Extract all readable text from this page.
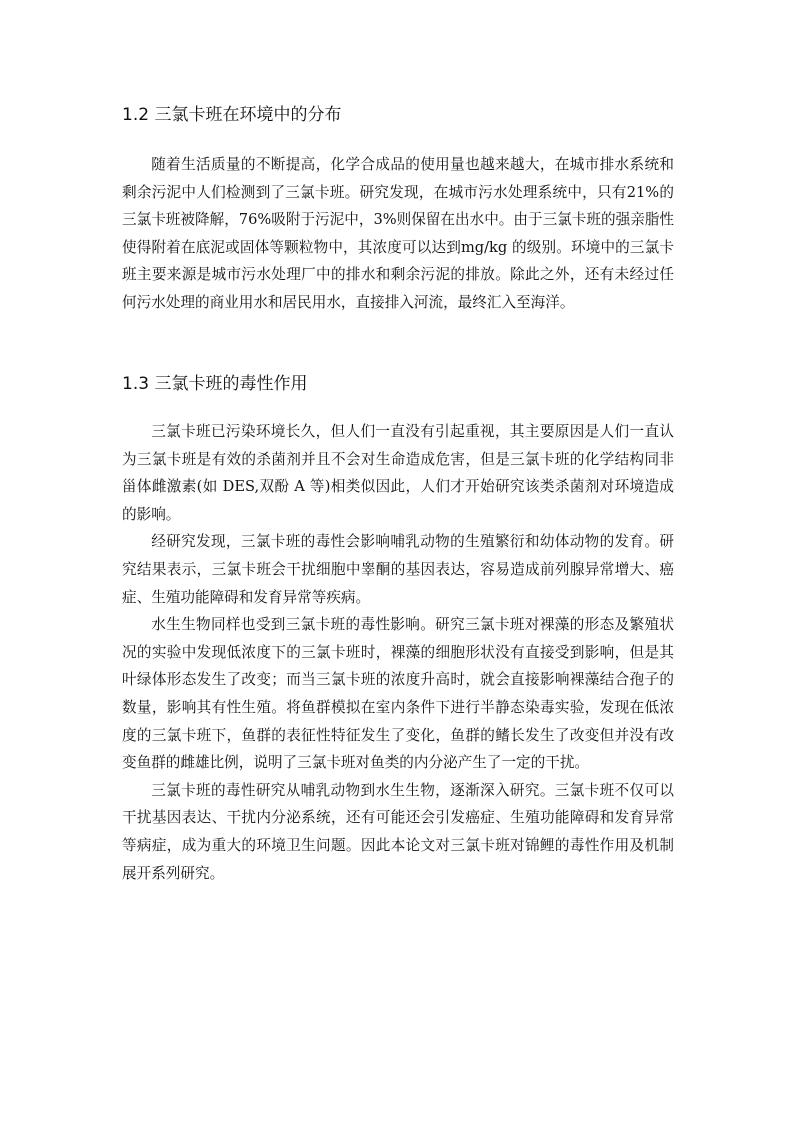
1.2 三氯卡班在环境中的分布

随着生活质量的不断提高，化学合成品的使用量也越来越大，在城市排水系统和剩余污泥中人们检测到了三氯卡班。研究发现，在城市污水处理系统中，只有21%的三氯卡班被降解，76%吸附于污泥中，3%则保留在出水中。由于三氯卡班的强亲脂性使得附着在底泥或固体等颗粒物中，其浓度可以达到mg/kg 的级别。环境中的三氯卡班主要来源是城市污水处理厂中的排水和剩余污泥的排放。除此之外，还有未经过任何污水处理的商业用水和居民用水，直接排入河流，最终汇入至海洋。

1.3 三氯卡班的毒性作用

三氯卡班已污染环境长久，但人们一直没有引起重视，其主要原因是人们一直认为三氯卡班是有效的杀菌剂并且不会对生命造成危害，但是三氯卡班的化学结构同非甾体雌激素(如 DES,双酚 A 等)相类似因此，人们才开始研究该类杀菌剂对环境造成的影响。

经研究发现，三氯卡班的毒性会影响哺乳动物的生殖繁衍和幼体动物的发育。研究结果表示，三氯卡班会干扰细胞中睾酮的基因表达，容易造成前列腺异常增大、癌症、生殖功能障碍和发育异常等疾病。

水生生物同样也受到三氯卡班的毒性影响。研究三氯卡班对裸藻的形态及繁殖状况的实验中发现低浓度下的三氯卡班时，裸藻的细胞形状没有直接受到影响，但是其叶绿体形态发生了改变；而当三氯卡班的浓度升高时，就会直接影响裸藻结合孢子的数量，影响其有性生殖。将鱼群模拟在室内条件下进行半静态染毒实验，发现在低浓度的三氯卡班下，鱼群的表征性特征发生了变化，鱼群的鳍长发生了改变但并没有改变鱼群的雌雄比例，说明了三氯卡班对鱼类的内分泌产生了一定的干扰。

三氯卡班的毒性研究从哺乳动物到水生生物，逐渐深入研究。三氯卡班不仅可以干扰基因表达、干扰内分泌系统，还有可能还会引发癌症、生殖功能障碍和发育异常等病症，成为重大的环境卫生问题。因此本论文对三氯卡班对锦鲤的毒性作用及机制展开系列研究。
